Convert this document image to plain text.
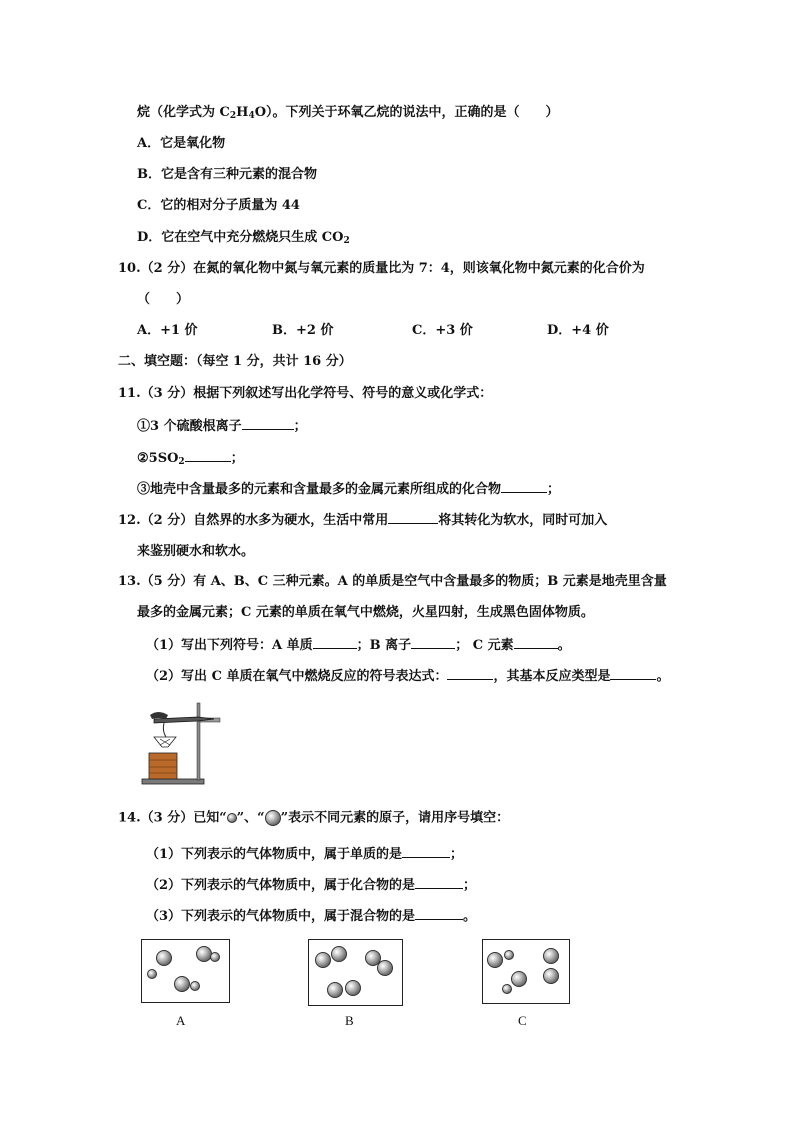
烷（化学式为 $C_2H_4O$）。下列关于环氧乙烷的说法中，正确的是（　　）
A．它是氧化物
B．它是含有三种元素的混合物
C．它的相对分子质量为 44
D．它在空气中充分燃烧只生成 $CO_2$
10.（2 分）在氮的氧化物中氮与氧元素的质量比为 7：4，则该氧化物中氮元素的化合价为
（　　）
A．+1 价	B．+2 价	C．+3 价	D．+4 价
二、填空题：（每空 1 分，共计 16 分）
11.（3 分）根据下列叙述写出化学符号、符号的意义或化学式：
①3 个硫酸根离子	；
$②5SO_2$	；
③地壳中含量最多的元素和含量最多的金属元素所组成的化合物	；
12.（2 分）自然界的水多为硬水，生活中常用	将其转化为软水，同时可加入
来鉴别硬水和软水。
13.（5 分）有 A、B、C 三种元素。A 的单质是空气中含量最多的物质；B 元素是地壳里含量
最多的金属元素；C 元素的单质在氧气中燃烧，火星四射，生成黑色固体物质。
（1）写出下列符号：A 单质	；B 离子	； C 元素	。
（2）写出 C 单质在氧气中燃烧反应的符号表达式：	，其基本反应类型是	。
14.（3 分）已知“ ”、“ ”表示不同元素的原子，请用序号填空：
（1）下列表示的气体物质中，属于单质的是	；
（2）下列表示的气体物质中，属于化合物的是	；
（3）下列表示的气体物质中，属于混合物的是	。
A	B	C
